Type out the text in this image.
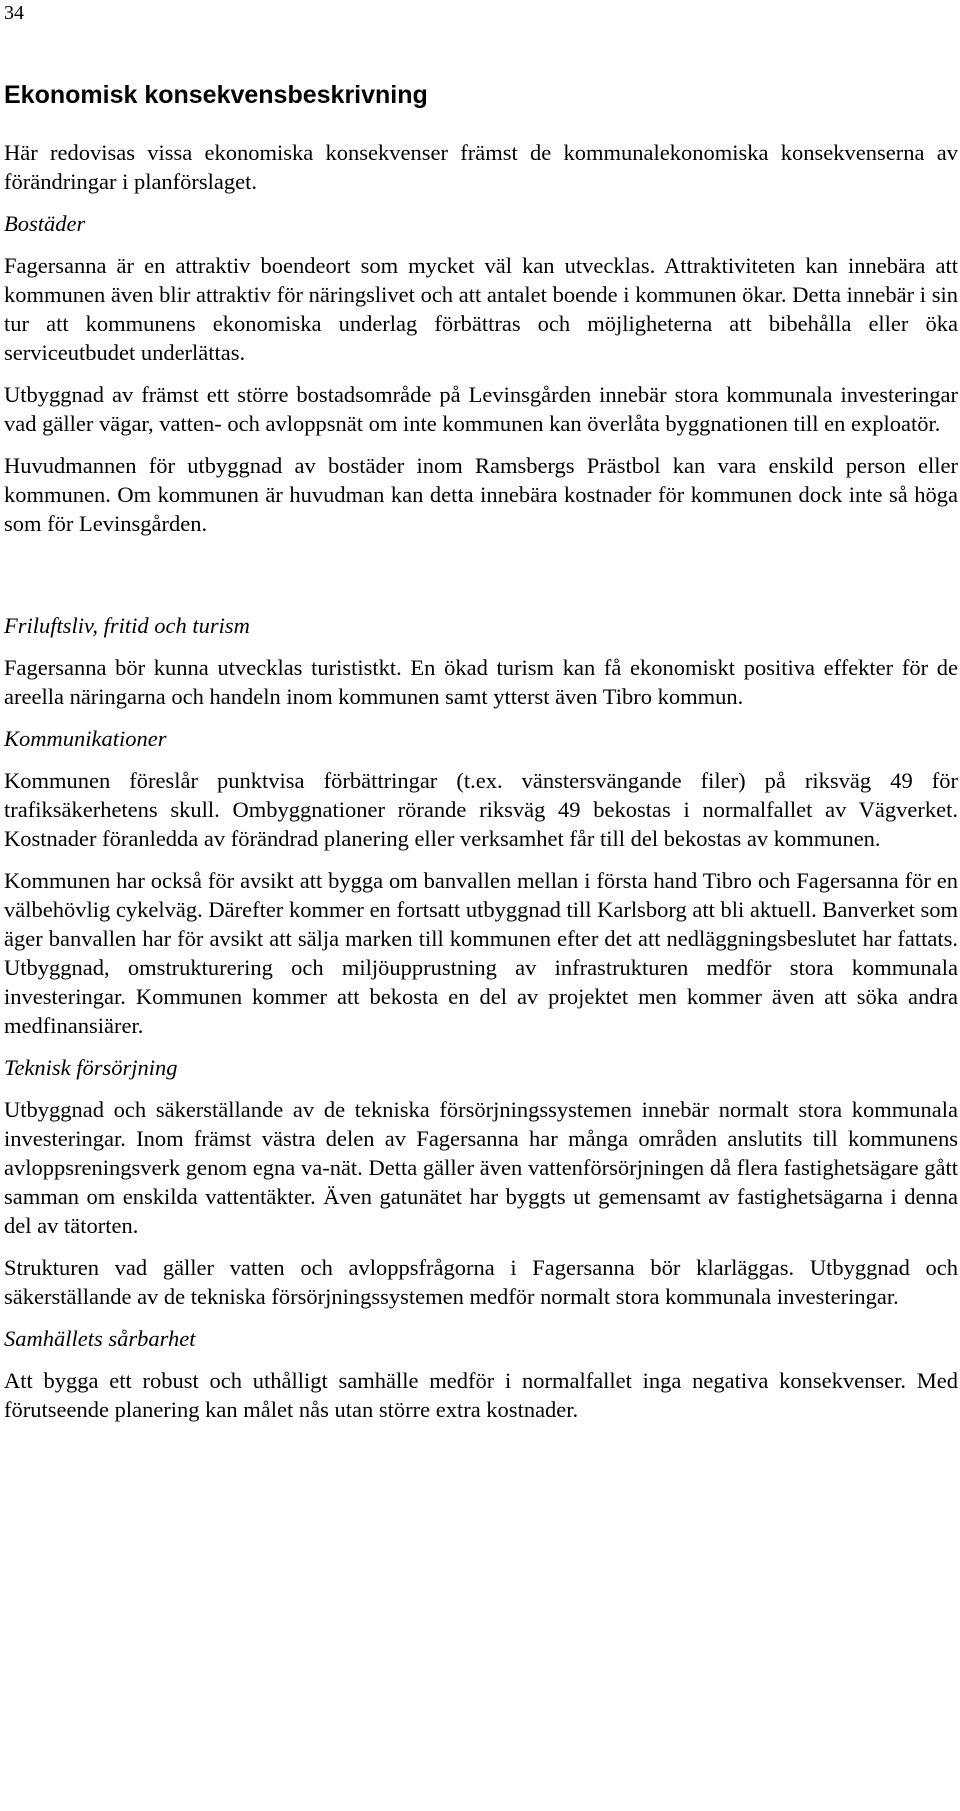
34
Ekonomisk konsekvensbeskrivning

Här redovisas vissa ekonomiska konsekvenser främst de kommunalekonomiska konsekvenserna av förändringar i planförslaget.

Bostäder

Fagersanna är en attraktiv boendeort som mycket väl kan utvecklas. Attraktiviteten kan innebära att kommunen även blir attraktiv för näringslivet och att antalet boende i kommunen ökar. Detta innebär i sin tur att kommunens ekonomiska underlag förbättras och möjligheterna att bibehålla eller öka serviceutbudet underlättas.

Utbyggnad av främst ett större bostadsområde på Levinsgården innebär stora kommunala investeringar vad gäller vägar, vatten- och avloppsnät om inte kommunen kan överlåta byggnationen till en exploatör.

Huvudmannen för utbyggnad av bostäder inom Ramsbergs Prästbol kan vara enskild person eller kommunen. Om kommunen är huvudman kan detta innebära kostnader för kommunen dock inte så höga som för Levinsgården.

Friluftsliv, fritid och turism

Fagersanna bör kunna utvecklas turististkt. En ökad turism kan få ekonomiskt positiva effekter för de areella näringarna och handeln inom kommunen samt ytterst även Tibro kommun.

Kommunikationer

Kommunen föreslår punktvisa förbättringar (t.ex. vänstersvängande filer) på riksväg 49 för trafiksäkerhetens skull. Ombyggnationer rörande riksväg 49 bekostas i normalfallet av Vägverket. Kostnader föranledda av förändrad planering eller verksamhet får till del bekostas av kommunen.

Kommunen har också för avsikt att bygga om banvallen mellan i första hand Tibro och Fagersanna för en välbehövlig cykelväg. Därefter kommer en fortsatt utbyggnad till Karlsborg att bli aktuell. Banverket som äger banvallen har för avsikt att sälja marken till kommunen efter det att nedläggningsbeslutet har fattats. Utbyggnad, omstrukturering och miljöupprustning av infrastrukturen medför stora kommunala investeringar. Kommunen kommer att bekosta en del av projektet men kommer även att söka andra medfinansiärer.

Teknisk försörjning

Utbyggnad och säkerställande av de tekniska försörjningssystemen innebär normalt stora kommunala investeringar. Inom främst västra delen av Fagersanna har många områden anslutits till kommunens avloppsreningsverk genom egna va-nät. Detta gäller även vattenförsörjningen då flera fastighetsägare gått samman om enskilda vattentäkter. Även gatunätet har byggts ut gemensamt av fastighetsägarna i denna del av tätorten.

Strukturen vad gäller vatten och avloppsfrågorna i Fagersanna bör klarläggas. Utbyggnad och säkerställande av de tekniska försörjningssystemen medför normalt stora kommunala investeringar.

Samhällets sårbarhet

Att bygga ett robust och uthålligt samhälle medför i normalfallet inga negativa konsekvenser. Med förutseende planering kan målet nås utan större extra kostnader.
